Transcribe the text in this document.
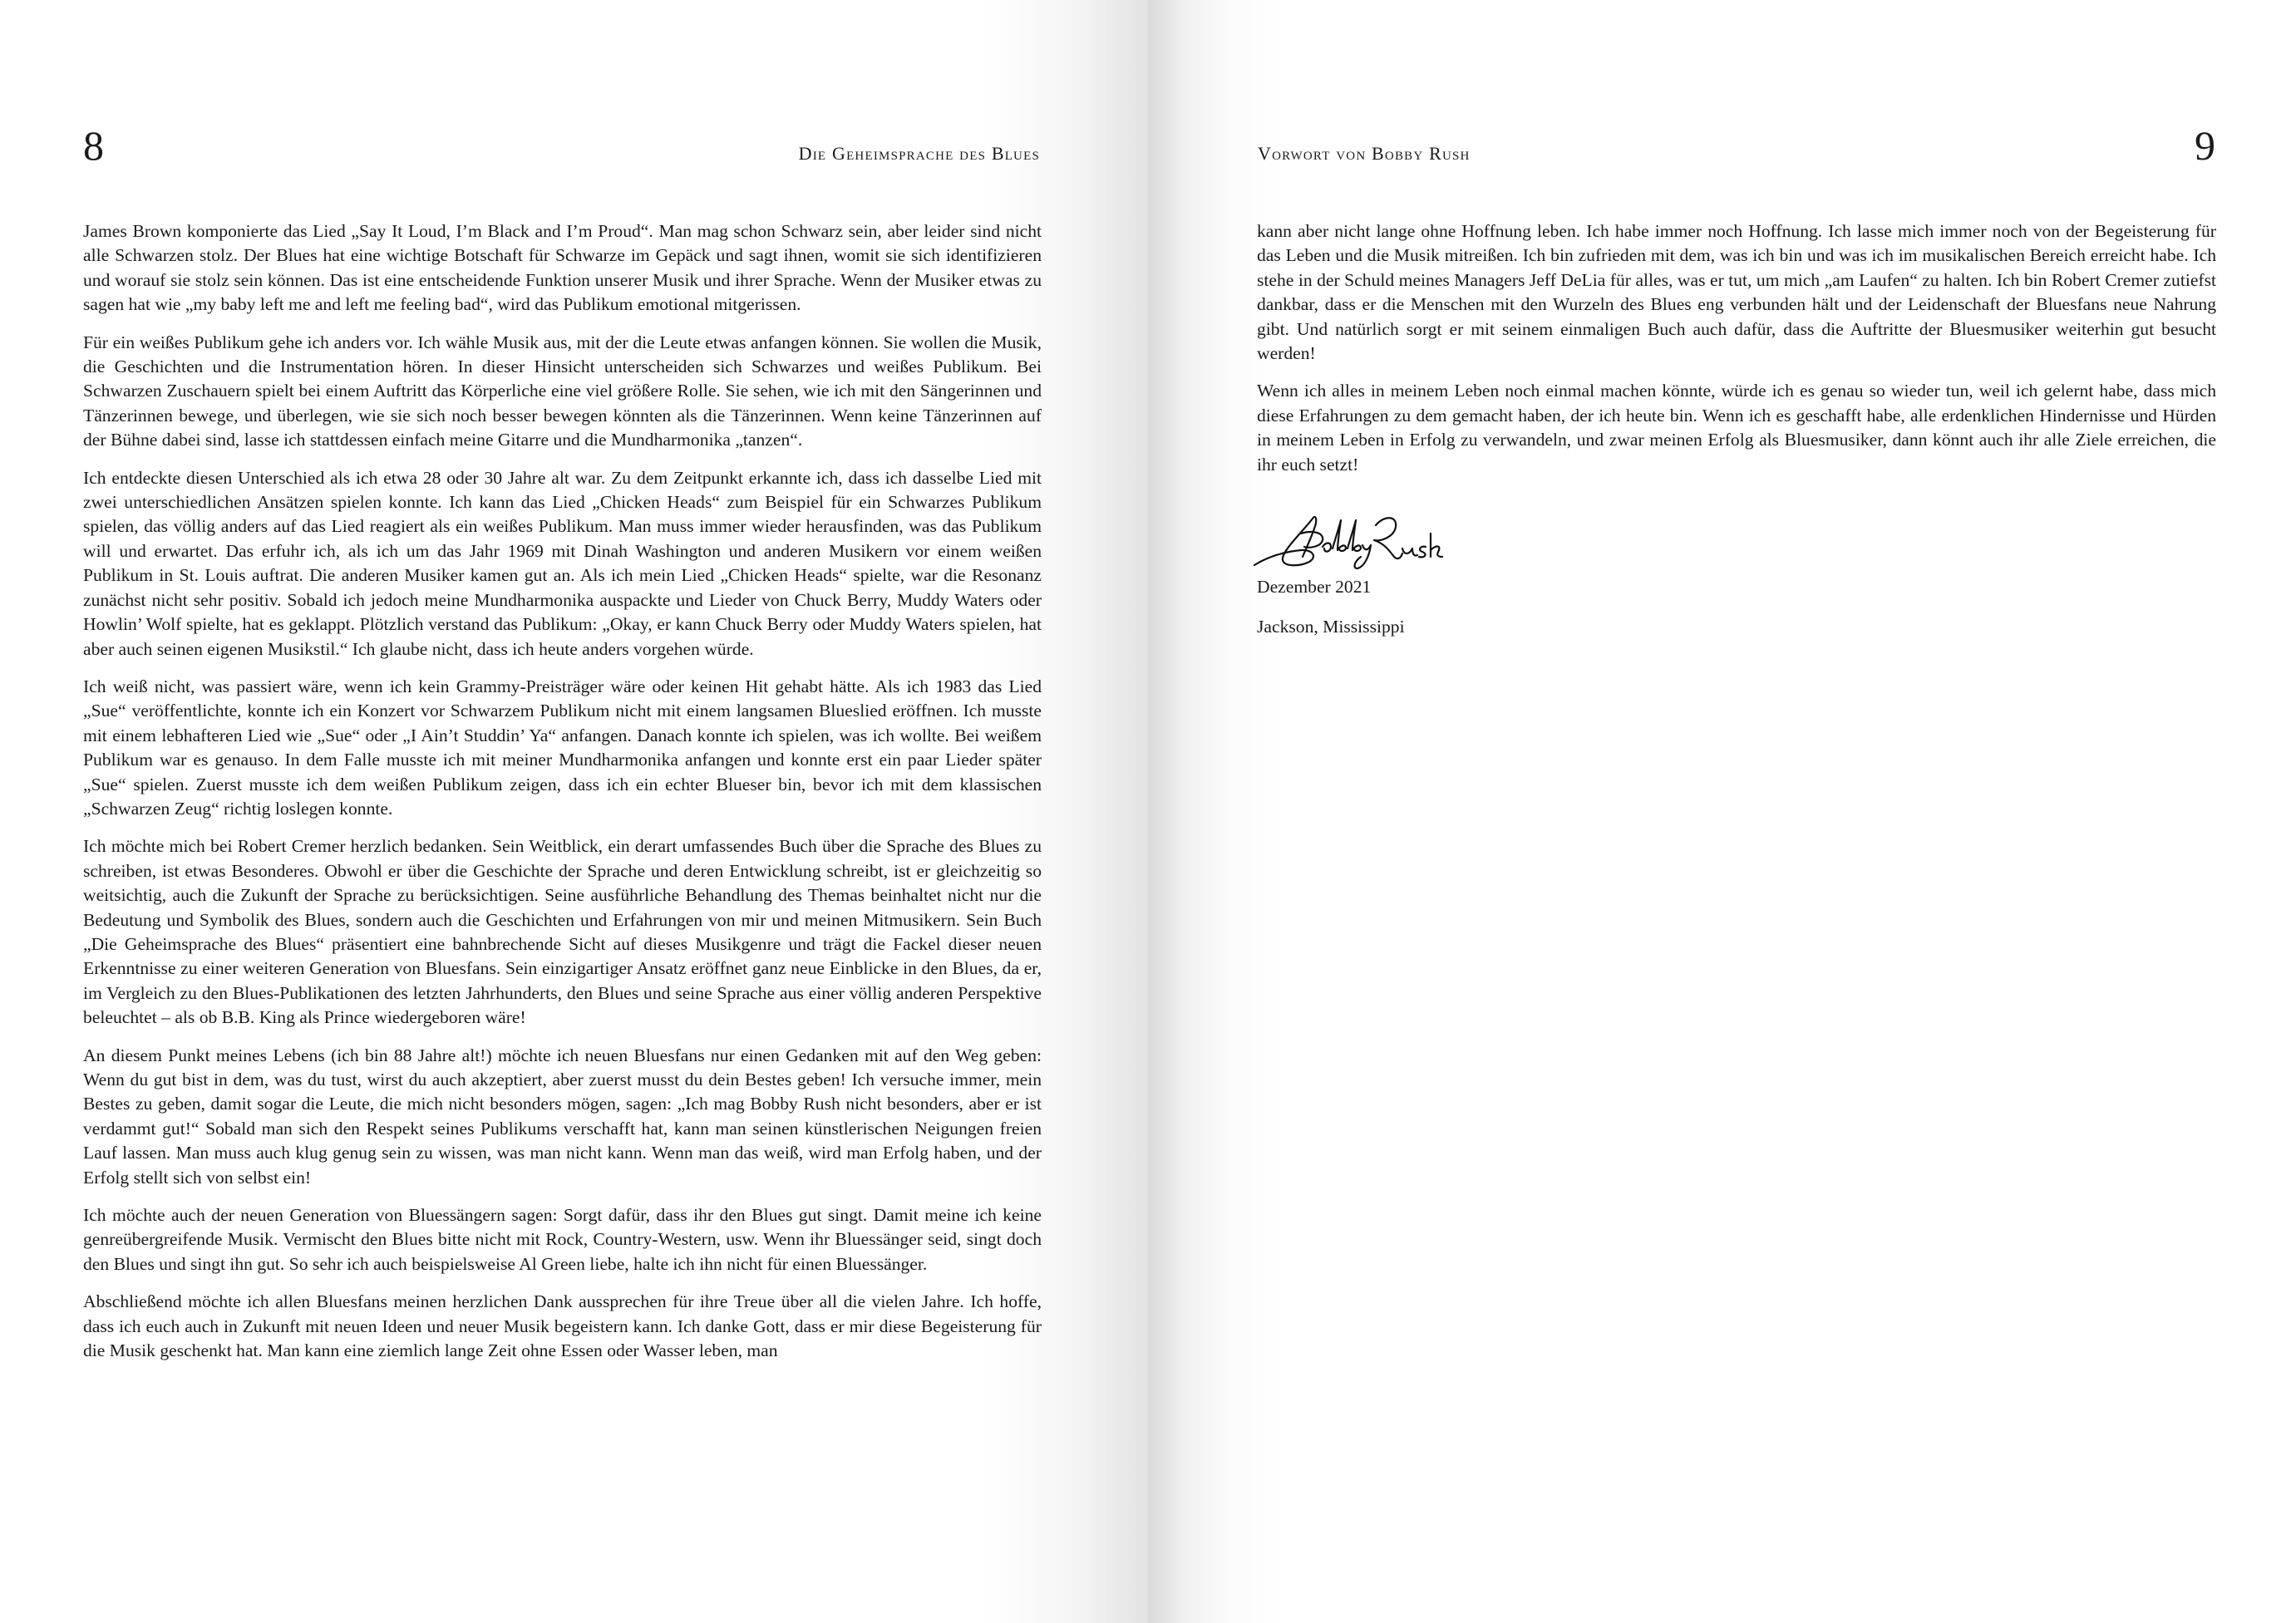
8	Die Geheimsprache des Blues

James Brown komponierte das Lied „Say It Loud, I’m Black and I’m Proud“. Man mag schon Schwarz sein, aber leider sind nicht alle Schwarzen stolz. Der Blues hat eine wichtige Botschaft für Schwarze im Gepäck und sagt ihnen, womit sie sich identifizieren und worauf sie stolz sein können. Das ist eine entscheidende Funktion unserer Musik und ihrer Sprache. Wenn der Musiker etwas zu sagen hat wie „my baby left me and left me feeling bad“, wird das Publikum emotional mitgerissen.

Für ein weißes Publikum gehe ich anders vor. Ich wähle Musik aus, mit der die Leute etwas anfangen können. Sie wollen die Musik, die Geschichten und die Instrumentation hören. In dieser Hinsicht unterscheiden sich Schwarzes und weißes Publikum. Bei Schwarzen Zuschauern spielt bei einem Auftritt das Körperliche eine viel größere Rolle. Sie sehen, wie ich mit den Sängerinnen und Tänzerinnen bewege, und überlegen, wie sie sich noch besser bewegen könnten als die Tänzerinnen. Wenn keine Tänzerinnen auf der Bühne dabei sind, lasse ich stattdessen einfach meine Gitarre und die Mundharmonika „tanzen“.

Ich entdeckte diesen Unterschied als ich etwa 28 oder 30 Jahre alt war. Zu dem Zeitpunkt erkannte ich, dass ich dasselbe Lied mit zwei unterschiedlichen Ansätzen spielen konnte. Ich kann das Lied „Chicken Heads“ zum Beispiel für ein Schwarzes Publikum spielen, das völlig anders auf das Lied reagiert als ein weißes Publikum. Man muss immer wieder herausfinden, was das Publikum will und erwartet. Das erfuhr ich, als ich um das Jahr 1969 mit Dinah Washington und anderen Musikern vor einem weißen Publikum in St. Louis auftrat. Die anderen Musiker kamen gut an. Als ich mein Lied „Chicken Heads“ spielte, war die Resonanz zunächst nicht sehr positiv. Sobald ich jedoch meine Mundharmonika auspackte und Lieder von Chuck Berry, Muddy Waters oder Howlin’ Wolf spielte, hat es geklappt. Plötzlich verstand das Publikum: „Okay, er kann Chuck Berry oder Muddy Waters spielen, hat aber auch seinen eigenen Musikstil.“ Ich glaube nicht, dass ich heute anders vorgehen würde.

Ich weiß nicht, was passiert wäre, wenn ich kein Grammy-Preisträger wäre oder keinen Hit gehabt hätte. Als ich 1983 das Lied „Sue“ veröffentlichte, konnte ich ein Konzert vor Schwarzem Publikum nicht mit einem langsamen Blueslied eröffnen. Ich musste mit einem lebhafteren Lied wie „Sue“ oder „I Ain’t Studdin’ Ya“ anfangen. Danach konnte ich spielen, was ich wollte. Bei weißem Publikum war es genauso. In dem Falle musste ich mit meiner Mundharmonika anfangen und konnte erst ein paar Lieder später „Sue“ spielen. Zuerst musste ich dem weißen Publikum zeigen, dass ich ein echter Blueser bin, bevor ich mit dem klassischen „Schwarzen Zeug“ richtig loslegen konnte.

Ich möchte mich bei Robert Cremer herzlich bedanken. Sein Weitblick, ein derart umfassendes Buch über die Sprache des Blues zu schreiben, ist etwas Besonderes. Obwohl er über die Geschichte der Sprache und deren Entwicklung schreibt, ist er gleichzeitig so weitsichtig, auch die Zukunft der Sprache zu berücksichtigen. Seine ausführliche Behandlung des Themas beinhaltet nicht nur die Bedeutung und Symbolik des Blues, sondern auch die Geschichten und Erfahrungen von mir und meinen Mitmusikern. Sein Buch „Die Geheimsprache des Blues“ präsentiert eine bahnbrechende Sicht auf dieses Musikgenre und trägt die Fackel dieser neuen Erkenntnisse zu einer weiteren Generation von Bluesfans. Sein einzigartiger Ansatz eröffnet ganz neue Einblicke in den Blues, da er, im Vergleich zu den Blues-Publikationen des letzten Jahrhunderts, den Blues und seine Sprache aus einer völlig anderen Perspektive beleuchtet – als ob B.B. King als Prince wiedergeboren wäre!

An diesem Punkt meines Lebens (ich bin 88 Jahre alt!) möchte ich neuen Bluesfans nur einen Gedanken mit auf den Weg geben: Wenn du gut bist in dem, was du tust, wirst du auch akzeptiert, aber zuerst musst du dein Bestes geben! Ich versuche immer, mein Bestes zu geben, damit sogar die Leute, die mich nicht besonders mögen, sagen: „Ich mag Bobby Rush nicht besonders, aber er ist verdammt gut!“ Sobald man sich den Respekt seines Publikums verschafft hat, kann man seinen künstlerischen Neigungen freien Lauf lassen. Man muss auch klug genug sein zu wissen, was man nicht kann. Wenn man das weiß, wird man Erfolg haben, und der Erfolg stellt sich von selbst ein!

Ich möchte auch der neuen Generation von Bluessängern sagen: Sorgt dafür, dass ihr den Blues gut singt. Damit meine ich keine genreübergreifende Musik. Vermischt den Blues bitte nicht mit Rock, Country-Western, usw. Wenn ihr Bluessänger seid, singt doch den Blues und singt ihn gut. So sehr ich auch beispielsweise Al Green liebe, halte ich ihn nicht für einen Bluessänger.

Abschließend möchte ich allen Bluesfans meinen herzlichen Dank aussprechen für ihre Treue über all die vielen Jahre. Ich hoffe, dass ich euch auch in Zukunft mit neuen Ideen und neuer Musik begeistern kann. Ich danke Gott, dass er mir diese Begeisterung für die Musik geschenkt hat. Man kann eine ziemlich lange Zeit ohne Essen oder Wasser leben, man

Vorwort von Bobby Rush	9

kann aber nicht lange ohne Hoffnung leben. Ich habe immer noch Hoffnung. Ich lasse mich immer noch von der Begeisterung für das Leben und die Musik mitreißen. Ich bin zufrieden mit dem, was ich bin und was ich im musikalischen Bereich erreicht habe. Ich stehe in der Schuld meines Managers Jeff DeLia für alles, was er tut, um mich „am Laufen“ zu halten. Ich bin Robert Cremer zutiefst dankbar, dass er die Menschen mit den Wurzeln des Blues eng verbunden hält und der Leidenschaft der Bluesfans neue Nahrung gibt. Und natürlich sorgt er mit seinem einmaligen Buch auch dafür, dass die Auftritte der Bluesmusiker weiterhin gut besucht werden!

Wenn ich alles in meinem Leben noch einmal machen könnte, würde ich es genau so wieder tun, weil ich gelernt habe, dass mich diese Erfahrungen zu dem gemacht haben, der ich heute bin. Wenn ich es geschafft habe, alle erdenklichen Hindernisse und Hürden in meinem Leben in Erfolg zu verwandeln, und zwar meinen Erfolg als Bluesmusiker, dann könnt auch ihr alle Ziele erreichen, die ihr euch setzt!

Dezember 2021
Jackson, Mississippi
